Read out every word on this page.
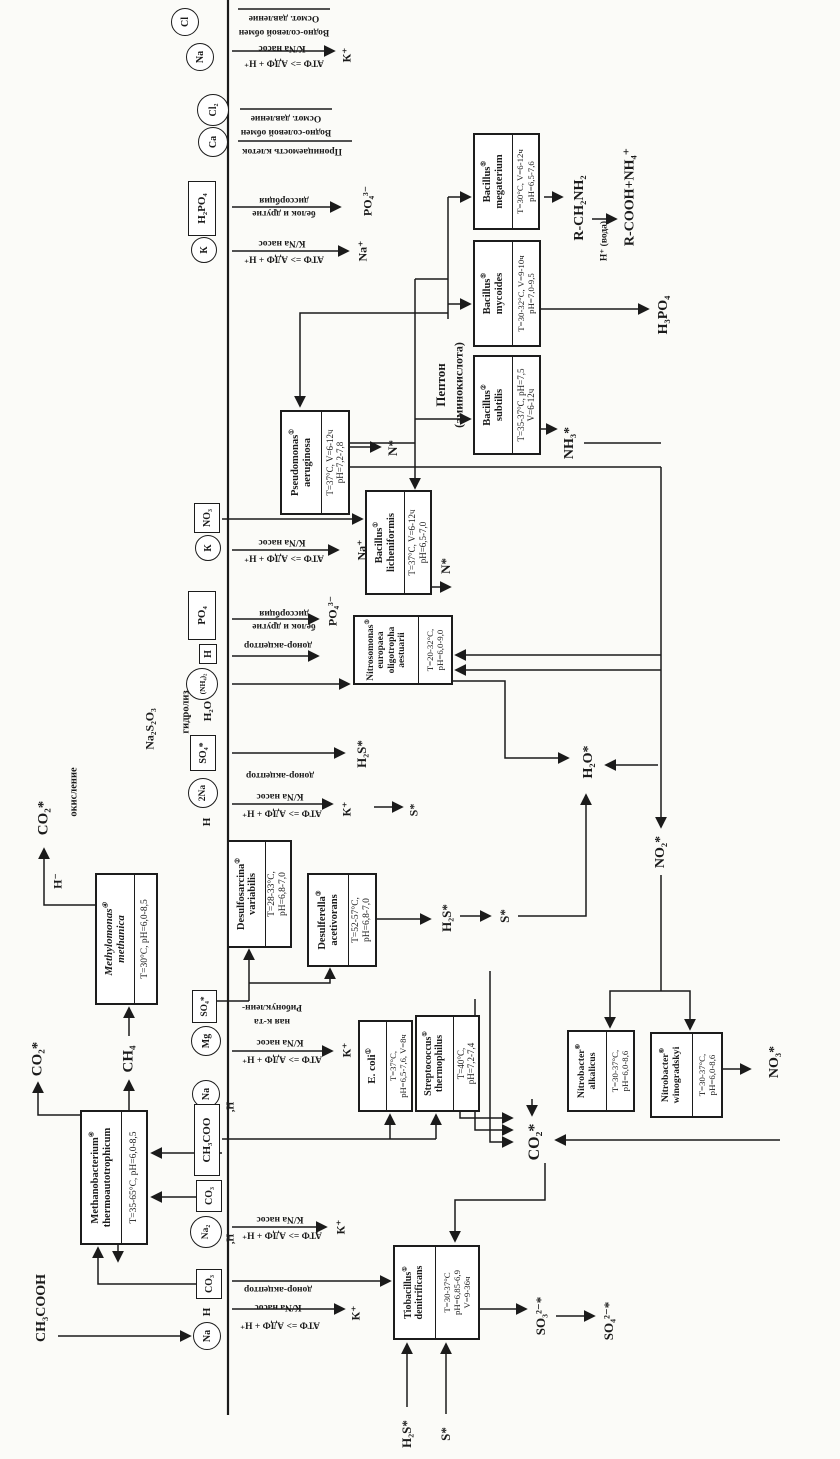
Methanobacterium④ thermoautotrophicum T=35-65°C, pH=6,0-8,5
Methylomonas④
methanica T=30°C, pH=6,0-8,5
Desulfosarcina②
variabilis T=28-33°C, pH=6,8-7,0
Desulferella③
acetivorans T=52-57°C, pH=6,8-7,0
Pseudomonas①
aeruginosa T=37°C, V=6-12ч pH=7,2-7,8
Bacillus① licheniformis T=37°C, V=6-12ч pH=6,5-7,0
Bacillus②
subtilis T=35-37°C, pH=7,5 V=6-12ч
Bacillus⑤ mycoides T=30-32°C, V=9-10ч pH=7,0-9,5
Bacillus⑤ megaterium T=30°C, V=6-12ч pH=6,5-7,6
Nitrosomonas③
europaea oligotropha aestuarii T=20-32°C, pH=6,0-9,0
E. coli①	T=37°C, pH=6,5-7,6, V=8ч Streptococcus①
thermophilus T=40°C, pH=7,2-7,4	Nitrobacter⑥
alkalicus T=30-37°C, pH=6,0-8,6	Nitrobacter⑥ winogradskyi T=30-37°C, pH=6,0-8,6
Tiobacillus① denitrificans T=30-37°C pH=6,85-6,9 V=9-36ч
Cl
Na
Cl₂
Ca
H₂PO₄
К
NO₃
К
PO₄
Н
(NH₄)₂
SO₄*
2Na
SO₄*
Mg
Na
CH₃COO
CO₃
Na₂
CO₃
Na
Осмот. давление
Водно-солевой обмен
К/Na насос
АТФ => АДФ + Н⁺
Осмот. давление
Водно-солевой обмен
Проницаемость клеток
диссорбция
белок и другие
К/Na насос
АТФ => АДФ + Н⁺
К/Na насос
АТФ => АДФ + Н⁺
диссорбция
белок и другие
донор-акцептор
донор-акцептор
К/Na насос
АТФ => АДФ + Н⁺
Рибонуклеин-
ная к-та
К/Na насос
АТФ => АДФ + Н⁺
К/Na насос
АТФ => АДФ + Н⁺
донор-акцептор
К/Na насос
АТФ => АДФ + Н⁺
CO₂*
окисление
Н⁻
CO₂*	CH₄
CH₃COOH
Пептон (аминокислота)
R-CH₂NH₂
Н⁺ (вода) R-COOH+NH₄⁺
H₃PO₄
NH₃*
N*
N*
H₂O*
NO₂*
NO₃*
H₂S*	S*
S*
H₂S*
CO₂*
SO₃²⁻*	SO₄²⁻*
H₂S* S*
К⁺
PO₄³⁻
Na⁺
Na⁺
PO₄³⁻
К⁺
К⁺
К⁺
К⁺
Na₂S₂O₃ гидролиз H₂O
,Н
,Н
Н
Н
